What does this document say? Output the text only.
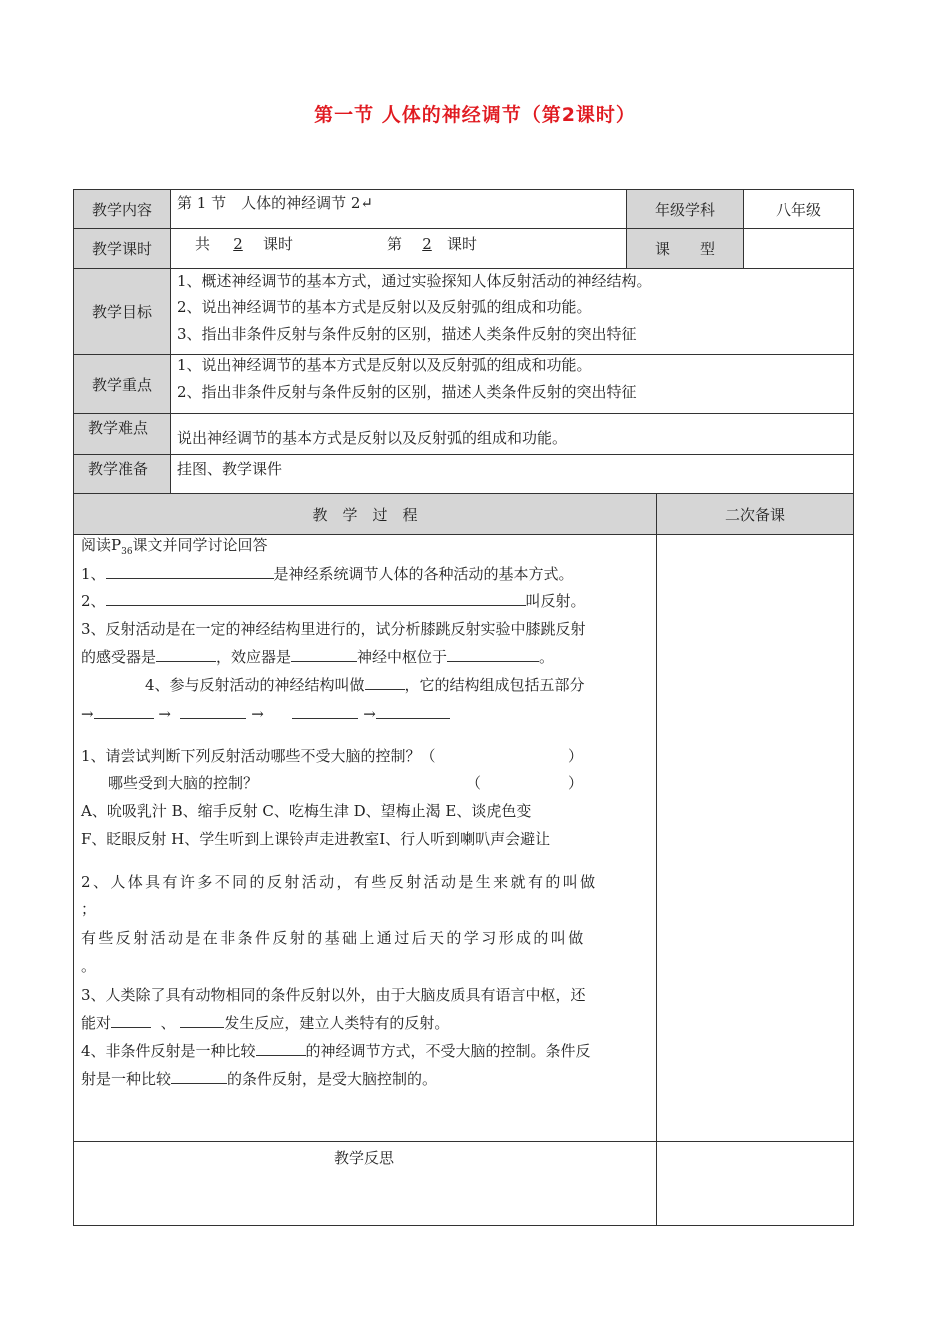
第一节 人体的神经调节（第2课时）
教学内容	第 1 节　人体的神经调节 2↵	年级学科	八年级
教学课时	共	2	课时	第	2	课时	课　　型
教学目标
1、概述神经调节的基本方式，通过实验探知人体反射活动的神经结构。
2、说出神经调节的基本方式是反射以及反射弧的组成和功能。
3、指出非条件反射与条件反射的区别，描述人类条件反射的突出特征
教学重点
1、说出神经调节的基本方式是反射以及反射弧的组成和功能。
2、指出非条件反射与条件反射的区别，描述人类条件反射的突出特征
教学难点
说出神经调节的基本方式是反射以及反射弧的组成和功能。
教学准备 挂图、教学课件
教　学　过　程	二次备课
阅读$P_{36}$课文并同学讨论回答
1、	是神经系统调节人体的各种活动的基本方式。
2、	叫反射。
3、反射活动是在一定的神经结构里进行的，试分析膝跳反射实验中膝跳反射
的感受器是	，效应器是	神经中枢位于	。
4、参与反射活动的神经结构叫做	，它的结构组成包括五部分
→	→	→	→
1、请尝试判断下列反射活动哪些不受大脑的控制？（	）
哪些受到大脑的控制？	（	）
A、吮吸乳汁 B、缩手反射 C、吃梅生津 D、望梅止渴 E、谈虎色变
F、眨眼反射 H、学生听到上课铃声走进教室I、行人听到喇叭声会避让
2、人体具有许多不同的反射活动，有些反射活动是生来就有的叫做
；
有些反射活动是在非条件反射的基础上通过后天的学习形成的叫做
。
3、人类除了具有动物相同的条件反射以外，由于大脑皮质具有语言中枢，还
能对	、	发生反应，建立人类特有的反射。
4、非条件反射是一种比较	的神经调节方式，不受大脑的控制。条件反
射是一种比较	的条件反射，是受大脑控制的。
教学反思
